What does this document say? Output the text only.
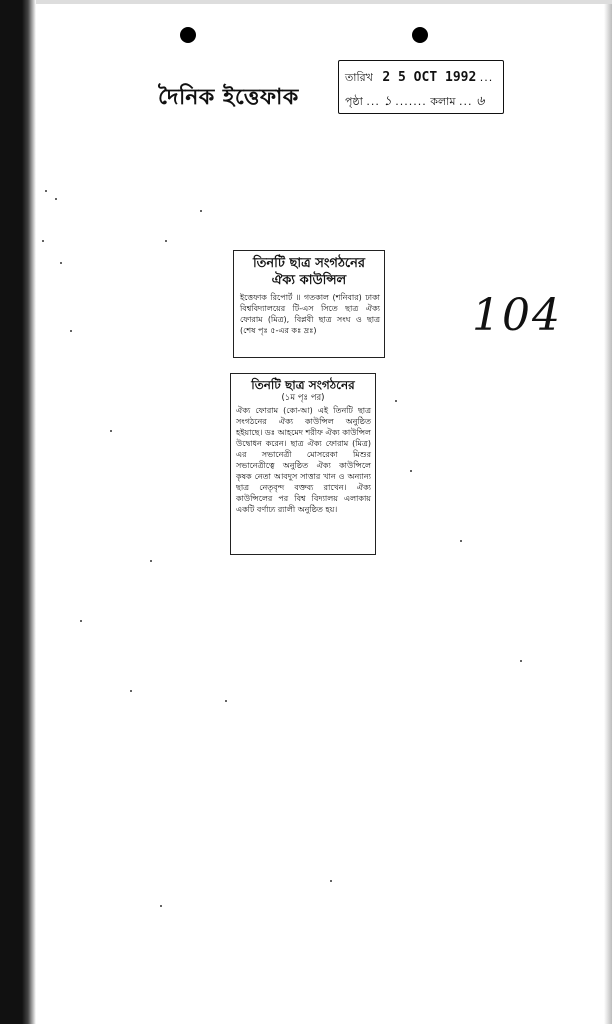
দৈনিক ইত্তেফাক
তারিখ 2 5 OCT 1992 ...
পৃষ্ঠা ... ১ ....... কলাম ... ৬
104
তিনটি ছাত্র সংগঠনের
ঐক্য কাউন্সিল
ইত্তেফাক রিপোর্ট ॥ গতকাল (শনিবার) ঢাকা বিশ্ববিদ্যালয়ের টি-এস সিতে ছাত্র ঐক্য ফোরাম (মিত্র), বিপ্লবী ছাত্র সংঘ ও ছাত্র (শেষ পৃঃ ৫-এর কঃ দ্রঃ)
তিনটি ছাত্র সংগঠনের
(১ম পৃঃ পর)
ঐক্য ফোরাম (কো-আ) এই তিনটি ছাত্র সংগঠনের ঐক্য কাউন্সিল অনুষ্ঠিত হইয়াছে। ডঃ আহমেদ শরীফ ঐক্য কাউন্সিল উদ্বোধন করেন। ছাত্র ঐক্য ফোরাম (মিত্র) এর সভানেত্রী মোসরেকা মিশুর সভানেত্রীত্বে অনুষ্ঠিত ঐক্য কাউন্সিলে কৃষক নেতা আবদুস সাত্তার খান ও অন্যান্য ছাত্র নেতৃবৃন্দ বক্তব্য রাখেন। ঐক্য কাউন্সিলের পর বিশ্ব বিদ্যালয় এলাকায় একটি বর্ণাঢ্য র‍্যালী অনুষ্ঠিত হয়।
